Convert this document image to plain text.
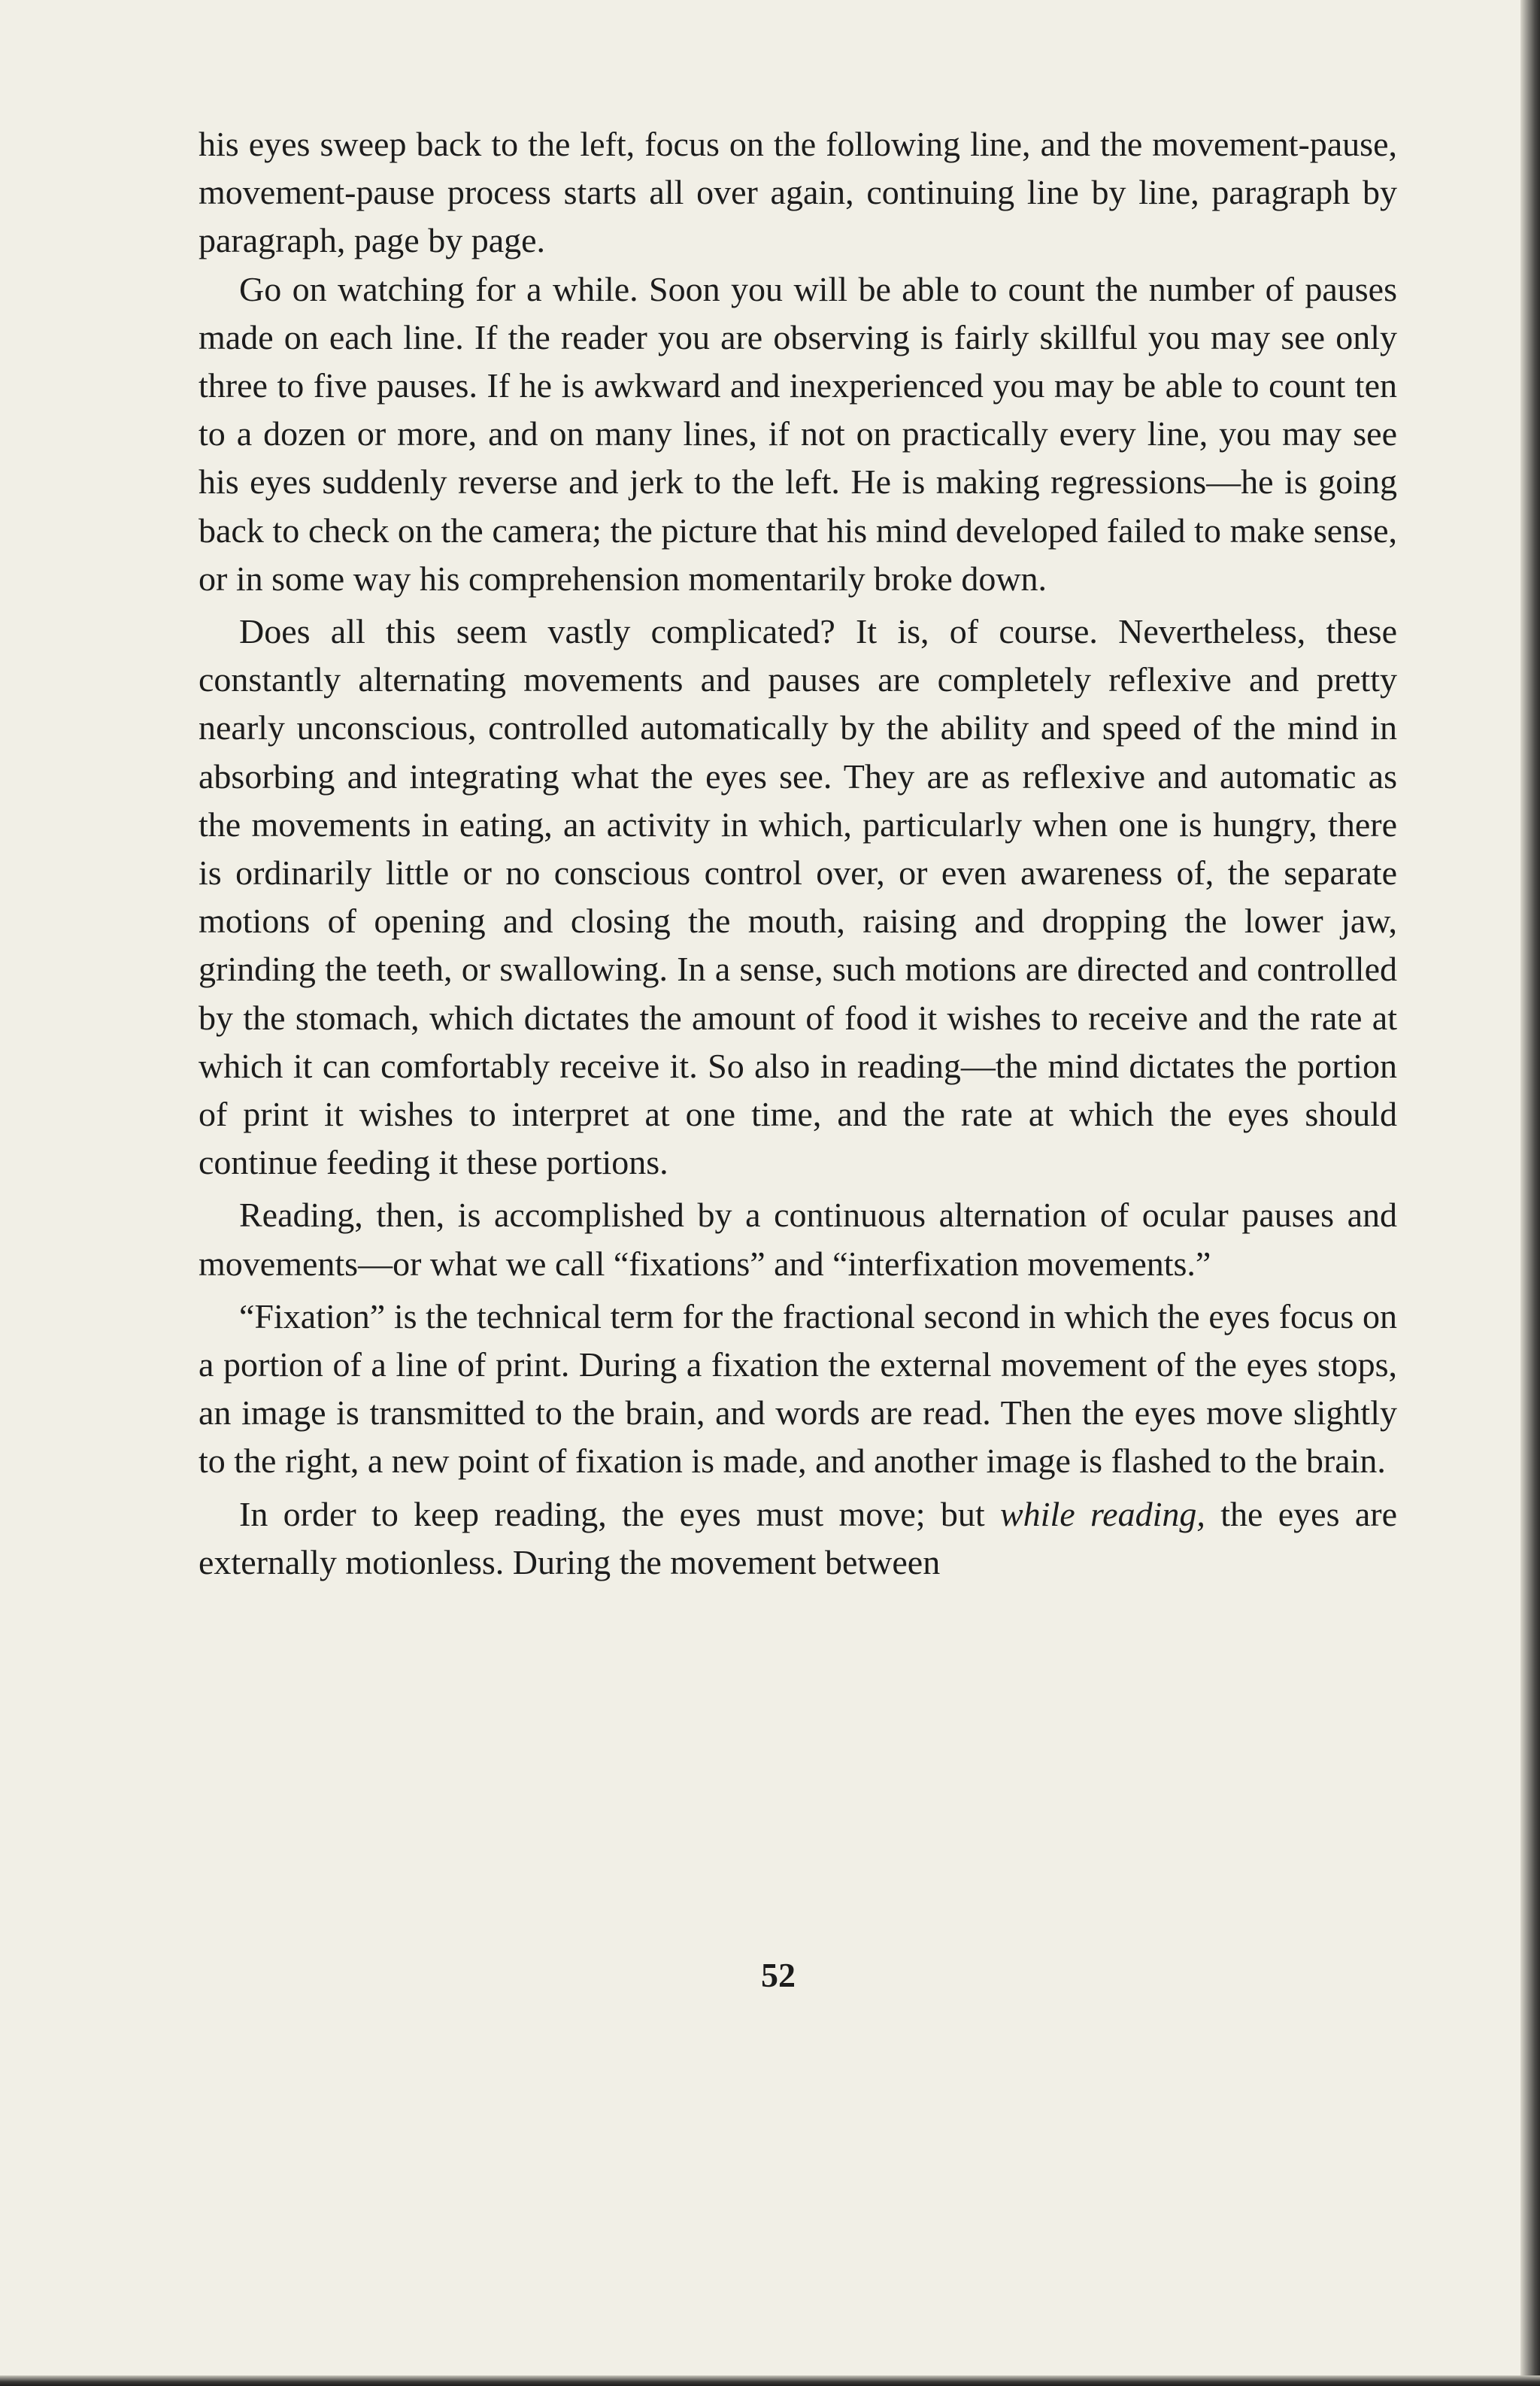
his eyes sweep back to the left, focus on the following line, and the movement-pause, movement-pause process starts all over again, continuing line by line, paragraph by paragraph, page by page.

Go on watching for a while. Soon you will be able to count the number of pauses made on each line. If the reader you are observing is fairly skillful you may see only three to five pauses. If he is awkward and inexperienced you may be able to count ten to a dozen or more, and on many lines, if not on practically every line, you may see his eyes suddenly reverse and jerk to the left. He is making regressions—he is going back to check on the camera; the picture that his mind developed failed to make sense, or in some way his comprehension momentarily broke down.

Does all this seem vastly complicated? It is, of course. Nevertheless, these constantly alternating movements and pauses are completely reflexive and pretty nearly unconscious, controlled automatically by the ability and speed of the mind in absorbing and integrating what the eyes see. They are as reflexive and automatic as the movements in eating, an activity in which, particularly when one is hungry, there is ordinarily little or no conscious control over, or even awareness of, the separate motions of opening and closing the mouth, raising and dropping the lower jaw, grinding the teeth, or swallowing. In a sense, such motions are directed and controlled by the stomach, which dictates the amount of food it wishes to receive and the rate at which it can comfortably receive it. So also in reading—the mind dictates the portion of print it wishes to interpret at one time, and the rate at which the eyes should continue feeding it these portions.

Reading, then, is accomplished by a continuous alternation of ocular pauses and movements—or what we call “fixations” and “interfixation movements.”

“Fixation” is the technical term for the fractional second in which the eyes focus on a portion of a line of print. During a fixation the external movement of the eyes stops, an image is transmitted to the brain, and words are read. Then the eyes move slightly to the right, a new point of fixation is made, and another image is flashed to the brain.

In order to keep reading, the eyes must move; but while reading, the eyes are externally motionless. During the movement between

52
